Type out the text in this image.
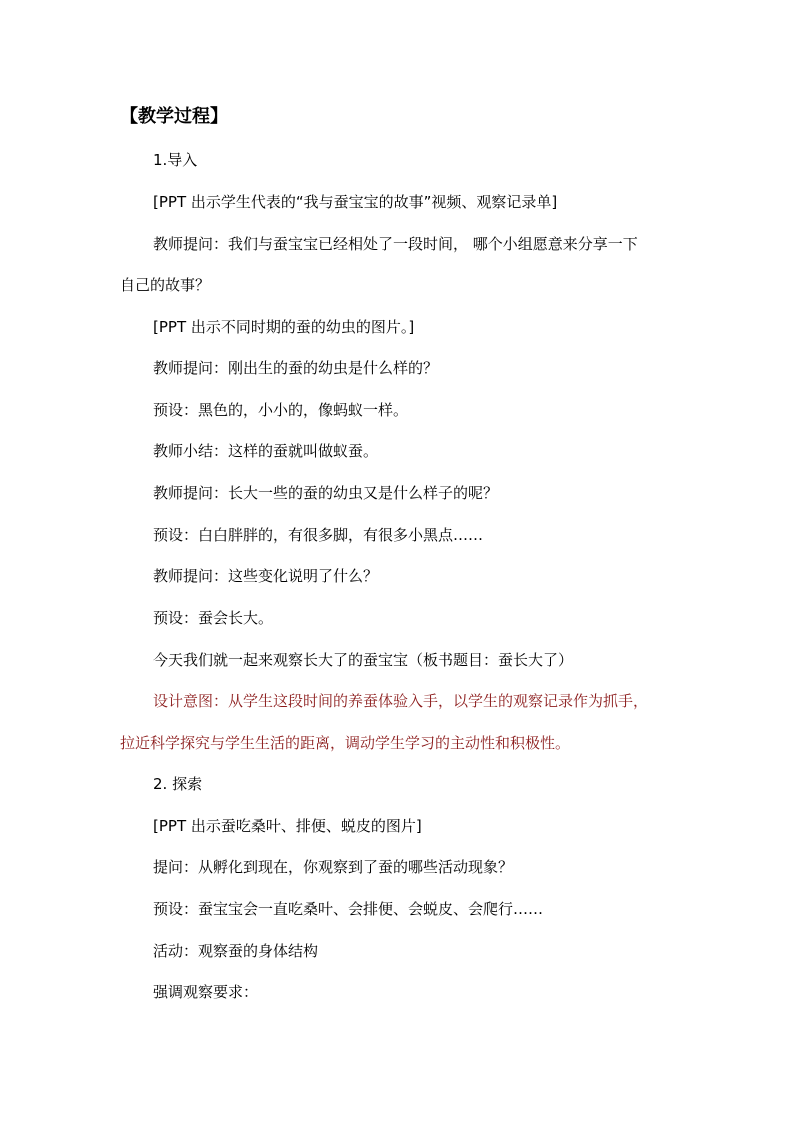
【教学过程】
1.导入
[PPT 出示学生代表的“我与蚕宝宝的故事”视频、观察记录单]
教师提问：我们与蚕宝宝已经相处了一段时间， 哪个小组愿意来分享一下
自己的故事？
[PPT 出示不同时期的蚕的幼虫的图片。]
教师提问：刚出生的蚕的幼虫是什么样的？
预设：黑色的，小小的，像蚂蚁一样。
教师小结：这样的蚕就叫做蚁蚕。
教师提问：长大一些的蚕的幼虫又是什么样子的呢？
预设：白白胖胖的，有很多脚，有很多小黑点……
教师提问：这些变化说明了什么？
预设：蚕会长大。
今天我们就一起来观察长大了的蚕宝宝（板书题目：蚕长大了）
设计意图：从学生这段时间的养蚕体验入手，以学生的观察记录作为抓手，
拉近科学探究与学生生活的距离，调动学生学习的主动性和积极性。
2. 探索
[PPT 出示蚕吃桑叶、排便、蜕皮的图片]
提问：从孵化到现在，你观察到了蚕的哪些活动现象？
预设：蚕宝宝会一直吃桑叶、会排便、会蜕皮、会爬行……
活动：观察蚕的身体结构
强调观察要求：
